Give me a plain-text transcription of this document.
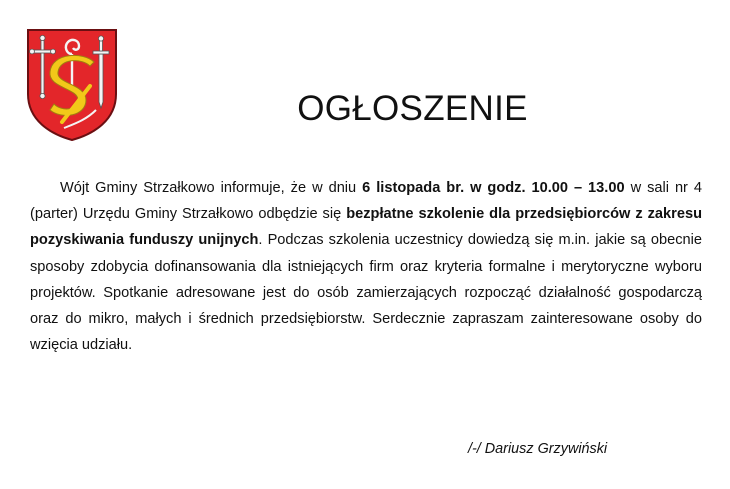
OGŁOSZENIE

Wójt Gminy Strzałkowo informuje, że w dniu 6 listopada br. w godz. 10.00 – 13.00 w sali nr 4 (parter) Urzędu Gminy Strzałkowo odbędzie się bezpłatne szkolenie dla przedsiębiorców z zakresu pozyskiwania funduszy unijnych. Podczas szkolenia uczestnicy dowiedzą się m.in. jakie są obecnie sposoby zdobycia dofinansowania dla istniejących firm oraz kryteria formalne i merytoryczne wyboru projektów. Spotkanie adresowane jest do osób zamierzających rozpocząć działalność gospodarczą oraz do mikro, małych i średnich przedsiębiorstw. Serdecznie zapraszam zainteresowane osoby do wzięcia udziału.

/-/ Dariusz Grzywiński
